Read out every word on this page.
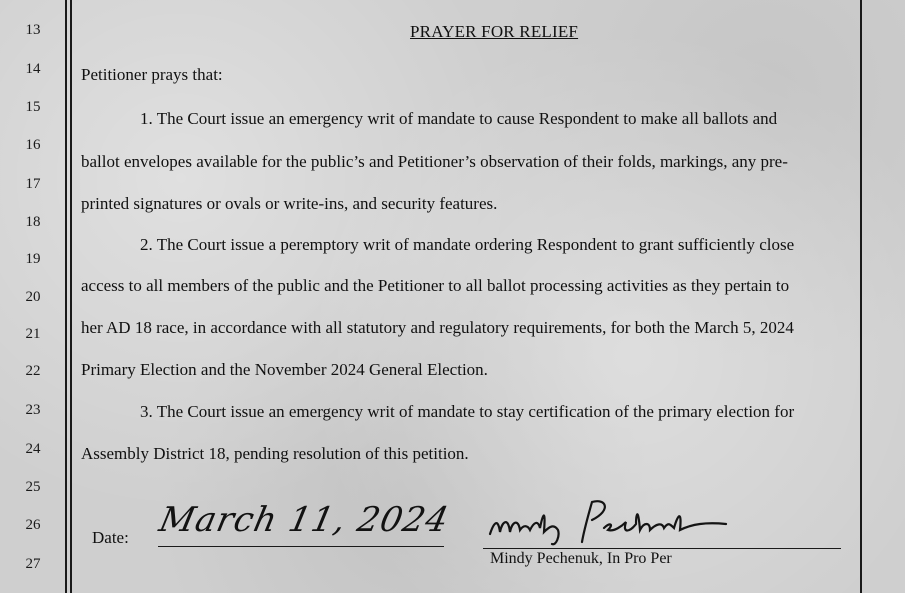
13
14
15
16
17
18
19
20
21
22
23
24
25
26
27
PRAYER FOR RELIEF
Petitioner prays that:
1. The Court issue an emergency writ of mandate to cause Respondent to make all ballots and
ballot envelopes available for the public’s and Petitioner’s observation of their folds, markings, any pre-
printed signatures or ovals or write-ins, and security features.
2. The Court issue a peremptory writ of mandate ordering Respondent to grant sufficiently close
access to all members of the public and the Petitioner to all ballot processing activities as they pertain to
her AD 18 race, in accordance with all statutory and regulatory requirements, for both the March 5, 2024
Primary Election and the November 2024 General Election.
3. The Court issue an emergency writ of mandate to stay certification of the primary election for
Assembly District 18, pending resolution of this petition.
Date: March 11, 2024
Mindy Pechenuk, In Pro Per
